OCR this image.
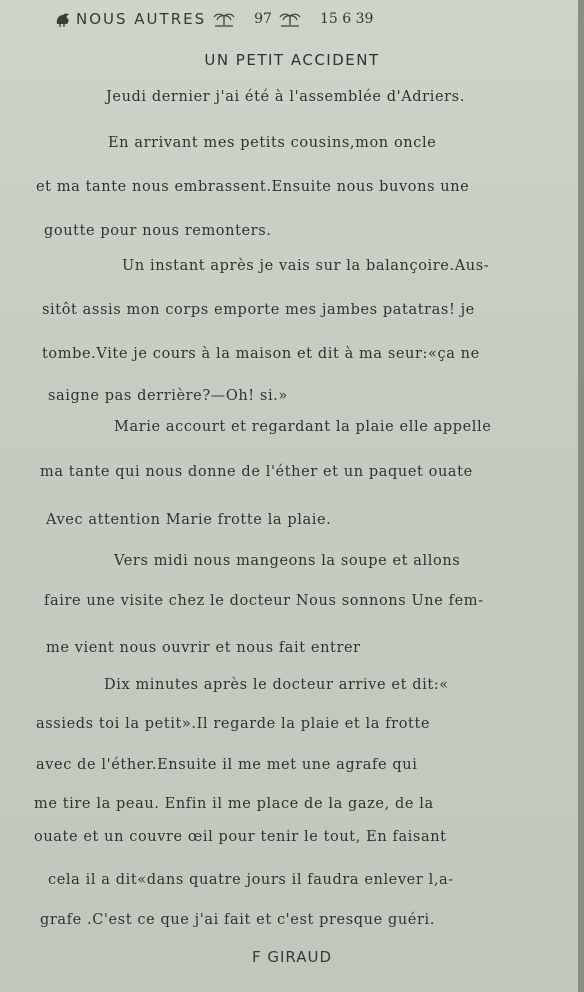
NOUS AUTRES	97	15 6 39
UN PETIT ACCIDENT
Jeudi dernier j'ai été à l'assemblée d'Adriers.
En arrivant mes petits cousins,mon oncle
et ma tante nous embrassent.Ensuite nous buvons une
goutte pour nous remonters.
Un instant après je vais sur la balançoire.Aus-
sitôt assis mon corps emporte mes jambes patatras! je
tombe.Vite je cours à la maison et dit à ma seur:«ça ne
saigne pas derrière?—Oh! si.»
Marie accourt et regardant la plaie elle appelle
ma tante qui nous donne de l'éther et un paquet ouate
Avec attention Marie frotte la plaie.
Vers midi nous mangeons la soupe et allons
faire une visite chez le docteur Nous sonnons Une fem-
me vient nous ouvrir et nous fait entrer
Dix minutes après le docteur arrive et dit:«
assieds toi la petit».Il regarde la plaie et la frotte
avec de l'éther.Ensuite il me met une agrafe qui
me tire la peau. Enfin il me place de la gaze, de la
ouate et un couvre œil pour tenir le tout, En faisant
cela il a dit«dans quatre jours il faudra enlever l,a-
grafe .C'est ce que j'ai fait et c'est presque guéri.
F GIRAUD
